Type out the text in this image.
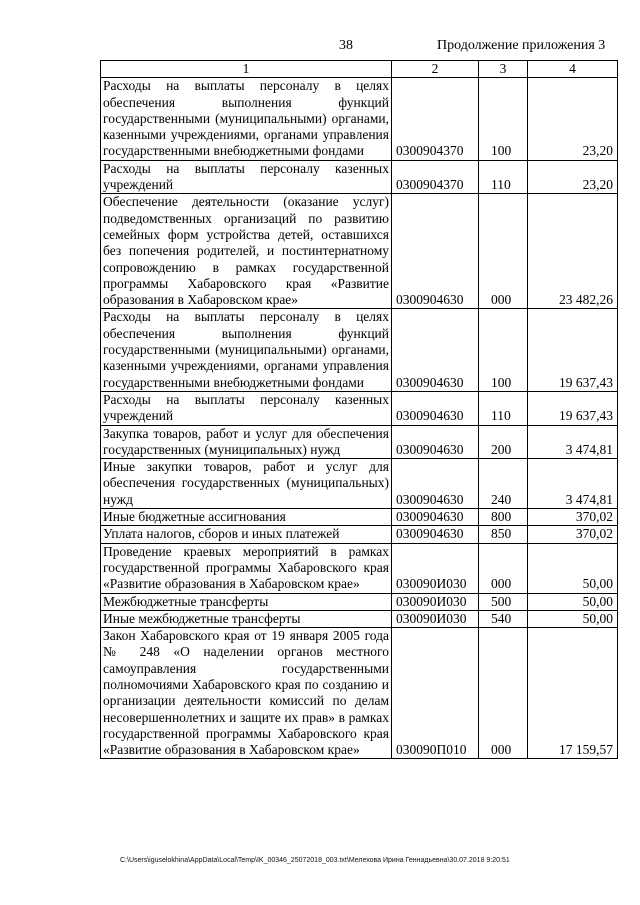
38	Продолжение приложения 3
1	2	3	4
Расходы на выплаты персоналу в целях обеспечения выполнения функций государственными (муниципальными) органами, казенными учреждениями, органами управления государственными внебюджетными фондами	0300904370	100	23,20
Расходы на выплаты персоналу казенных учреждений	0300904370	110	23,20
Обеспечение деятельности (оказание услуг) подведомственных организаций по развитию семейных форм устройства детей, оставшихся без попечения родителей, и постинтернатному сопровождению в рамках государственной программы Хабаровского края «Развитие образования в Хабаровском крае»	0300904630	000	23 482,26
Расходы на выплаты персоналу в целях обеспечения выполнения функций государственными (муниципальными) органами, казенными учреждениями, органами управления государственными внебюджетными фондами	0300904630	100	19 637,43
Расходы на выплаты персоналу казенных учреждений	0300904630	110	19 637,43
Закупка товаров, работ и услуг для обеспечения государственных (муниципальных) нужд	0300904630	200	3 474,81
Иные закупки товаров, работ и услуг для обеспечения государственных (муниципальных) нужд	0300904630	240	3 474,81
Иные бюджетные ассигнования	0300904630	800	370,02
Уплата налогов, сборов и иных платежей	0300904630	850	370,02
Проведение краевых мероприятий в рамках государственной программы Хабаровского края «Развитие образования в Хабаровском крае»	030090И030	000	50,00
Межбюджетные трансферты	030090И030	500	50,00
Иные межбюджетные трансферты	030090И030	540	50,00
Закон Хабаровского края от 19 января 2005 года № 248 «О наделении органов местного самоуправления государственными полномочиями Хабаровского края по созданию и организации деятельности комиссий по делам несовершеннолетних и защите их прав» в рамках государственной программы Хабаровского края «Развитие образования в Хабаровском крае»	030090П010	000	17 159,57
C:\Users\iguselokhina\AppData\Local\Temp\IK_00346_25072018_003.txt\Мелехова Ирина Геннадьевна\30.07.2018 9:20:51
